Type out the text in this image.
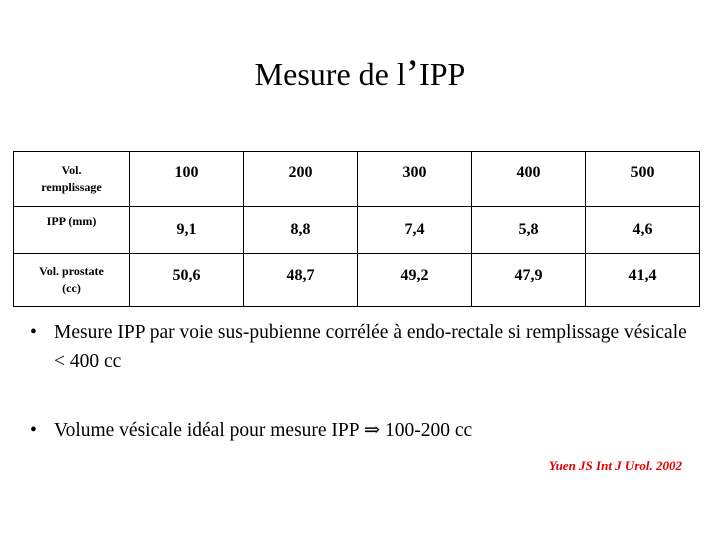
Mesure de l’IPP
Vol.
remplissage	100	200	300	400	500
IPP (mm)	9,1	8,8	7,4	5,8	4,6
Vol. prostate
(cc)	50,6	48,7	49,2	47,9	41,4
• Mesure IPP par voie sus-pubienne corrélée à endo-rectale si remplissage vésicale < 400 cc
• Volume vésicale idéal pour mesure IPP ⇒ 100-200 cc
Yuen JS Int J Urol. 2002
